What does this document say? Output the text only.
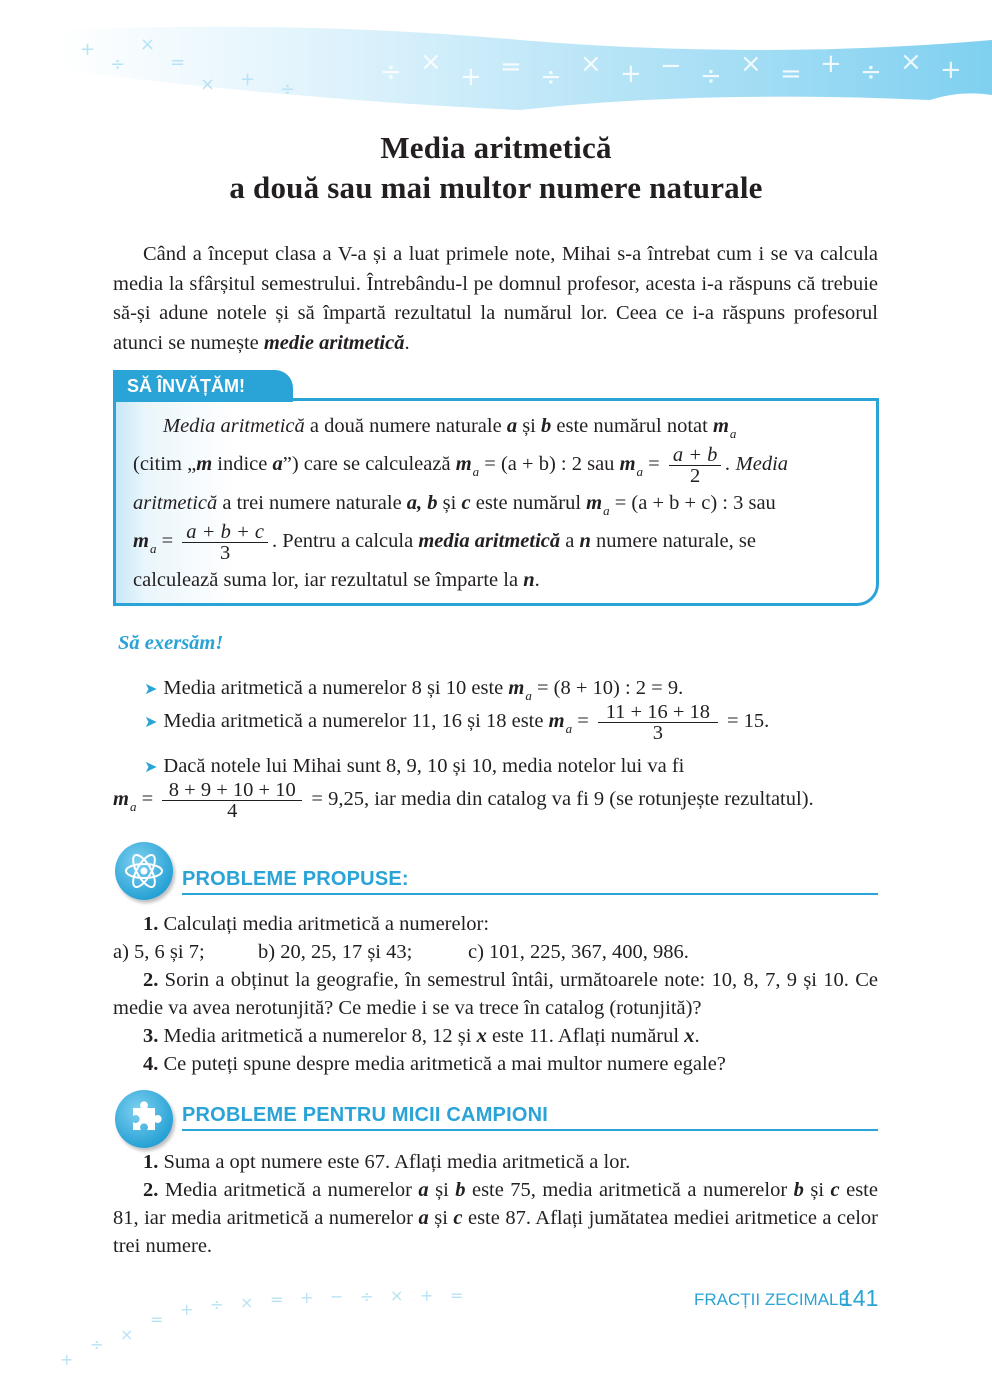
÷ × + = ÷ × + − ÷ × = + ÷ × +
+
÷
×
=
× + ÷
+
÷
×
=
+ ÷ × = + − ÷ × + =
Media aritmetică
a două sau mai multor numere naturale
Când a început clasa a V-a și a luat primele note, Mihai s-a întrebat cum i se va calcula media la sfârșitul semestrului. Întrebându-l pe domnul profesor, acesta i-a răspuns că trebuie să-și adune notele și să împartă rezultatul la numărul lor. Ceea ce i-a răspuns profesorul atunci se numește medie aritmetică.
SĂ ÎNVĂȚĂM!
Media aritmetică a două numere naturale a și b este numărul notat $m_a$
(citim „m indice a”) care se calculează $m_a = (a + b)$ : 2 sau $m_a = \frac{a + b}{2}$ . Media
aritmetică a trei numere naturale a, b și c este numărul $m_a = (a + b + c)$ : 3 sau
$m_a = \frac{a + b + c}{3}$ . Pentru a calcula media aritmetică a n numere naturale, se
calculează suma lor, iar rezultatul se împarte la n.
Să exersăm!
➤ Media aritmetică a numerelor 8 și 10 este $m_a = (8 + 10)$ : 2 = 9.
➤ Media aritmetică a numerelor 11, 16 și 18 este $m_a = \frac{11 + 16 + 18}{3} = 15$.
➤ Dacă notele lui Mihai sunt 8, 9, 10 și 10, media notelor lui va fi
$m_a = \frac{8 + 9 + 10 + 10}{4} = 9,25$, iar media din catalog va fi 9 (se rotunjește rezultatul).
PROBLEME PROPUSE:
1. Calculați media aritmetică a numerelor:
a) 5, 6 și 7;	b) 20, 25, 17 și 43;	c) 101, 225, 367, 400, 986.
2. Sorin a obținut la geografie, în semestrul întâi, următoarele note: 10, 8, 7, 9 și 10. Ce medie va avea nerotunjită? Ce medie i se va trece în catalog (rotunjită)?
3. Media aritmetică a numerelor 8, 12 și x este 11. Aflați numărul x.
4. Ce puteți spune despre media aritmetică a mai multor numere egale?
PROBLEME PENTRU MICII CAMPIONI
1. Suma a opt numere este 67. Aflați media aritmetică a lor.
2. Media aritmetică a numerelor a și b este 75, media aritmetică a numerelor b și c este 81, iar media aritmetică a numerelor a și c este 87. Aflați jumătatea mediei aritmetice a celor trei numere.
FRACȚII ZECIMALE
141
